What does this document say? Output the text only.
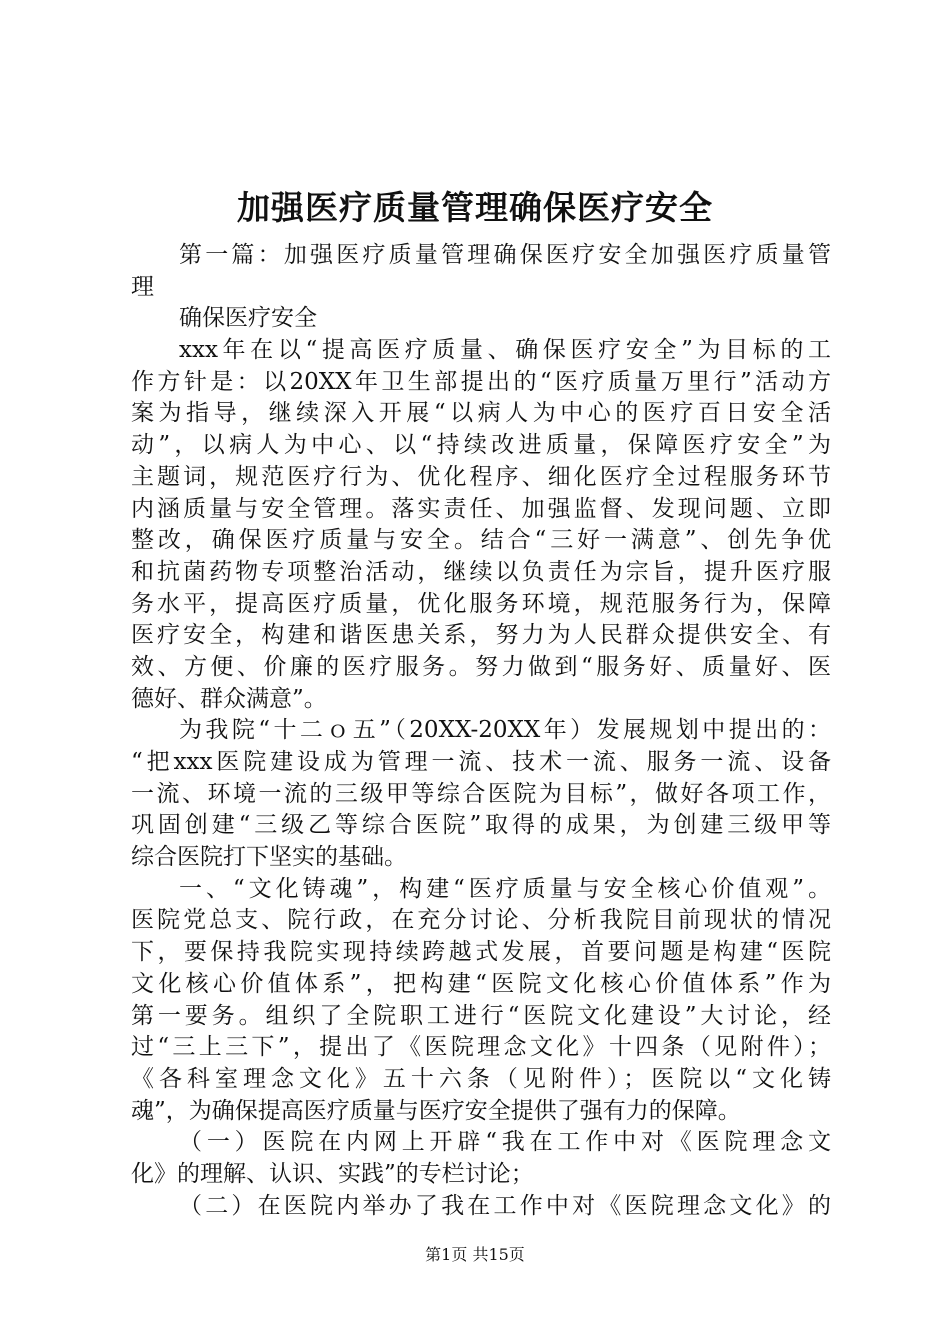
加强医疗质量管理确保医疗安全
第一篇：加强医疗质量管理确保医疗安全加强医疗质量管
理
确保医疗安全
xxx年在以“提高医疗质量、确保医疗安全”为目标的工
作方针是：以20XX年卫生部提出的“医疗质量万里行”活动方
案为指导，继续深入开展“以病人为中心的医疗百日安全活
动”，以病人为中心、以“持续改进质量，保障医疗安全”为
主题词，规范医疗行为、优化程序、细化医疗全过程服务环节
内涵质量与安全管理。落实责任、加强监督、发现问题、立即
整改，确保医疗质量与安全。结合“三好一满意”、创先争优
和抗菌药物专项整治活动，继续以负责任为宗旨，提升医疗服
务水平，提高医疗质量，优化服务环境，规范服务行为，保障
医疗安全，构建和谐医患关系，努力为人民群众提供安全、有
效、方便、价廉的医疗服务。努力做到“服务好、质量好、医
德好、群众满意”。
为我院“十二ｏ五”（20XX-20XX年）发展规划中提出的：
“把xxx医院建设成为管理一流、技术一流、服务一流、设备
一流、环境一流的三级甲等综合医院为目标”，做好各项工作，
巩固创建“三级乙等综合医院”取得的成果，为创建三级甲等
综合医院打下坚实的基础。
一、“文化铸魂”，构建“医疗质量与安全核心价值观”。
医院党总支、院行政，在充分讨论、分析我院目前现状的情况
下，要保持我院实现持续跨越式发展，首要问题是构建“医院
文化核心价值体系”，把构建“医院文化核心价值体系”作为
第一要务。组织了全院职工进行“医院文化建设”大讨论，经
过“三上三下”，提出了《医院理念文化》十四条（见附件）；
《各科室理念文化》五十六条（见附件）；医院以“文化铸
魂”，为确保提高医疗质量与医疗安全提供了强有力的保障。
（一）医院在内网上开辟“我在工作中对《医院理念文
化》的理解、认识、实践”的专栏讨论；
（二）在医院内举办了我在工作中对《医院理念文化》的
第1页 共15页
